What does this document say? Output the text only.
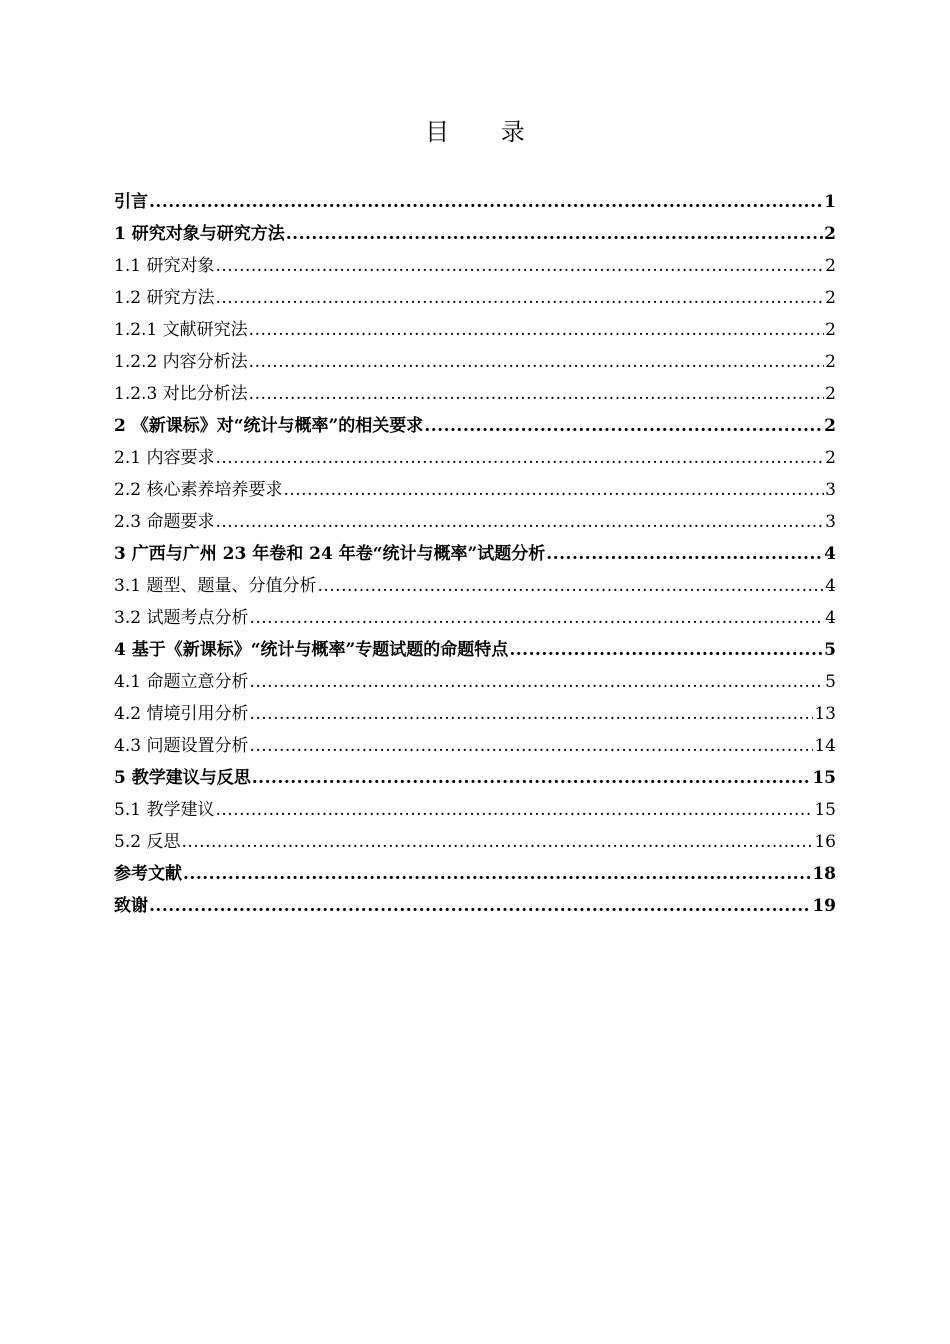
目 录
引言 .....	1
1 研究对象与研究方法 .....	2
1.1 研究对象 .....	2
1.2 研究方法 .....	2
1.2.1 文献研究法 .....	2
1.2.2 内容分析法 .....	2
1.2.3 对比分析法 .....	2
2 《新课标》对“统计与概率”的相关要求 .....	2
2.1 内容要求 .....	2
2.2 核心素养培养要求 .....	3
2.3 命题要求 .....	3
3 广西与广州 23 年卷和 24 年卷“统计与概率”试题分析 .....	4
3.1 题型、题量、分值分析 .....	4
3.2 试题考点分析 .....	4
4 基于《新课标》“统计与概率”专题试题的命题特点 .....	5
4.1 命题立意分析 .....	5
4.2 情境引用分析 .....	13
4.3 问题设置分析 .....	14
5 教学建议与反思 .....	15
5.1 教学建议 .....	15
5.2 反思 .....	16
参考文献 .....	18
致谢 .....	19
